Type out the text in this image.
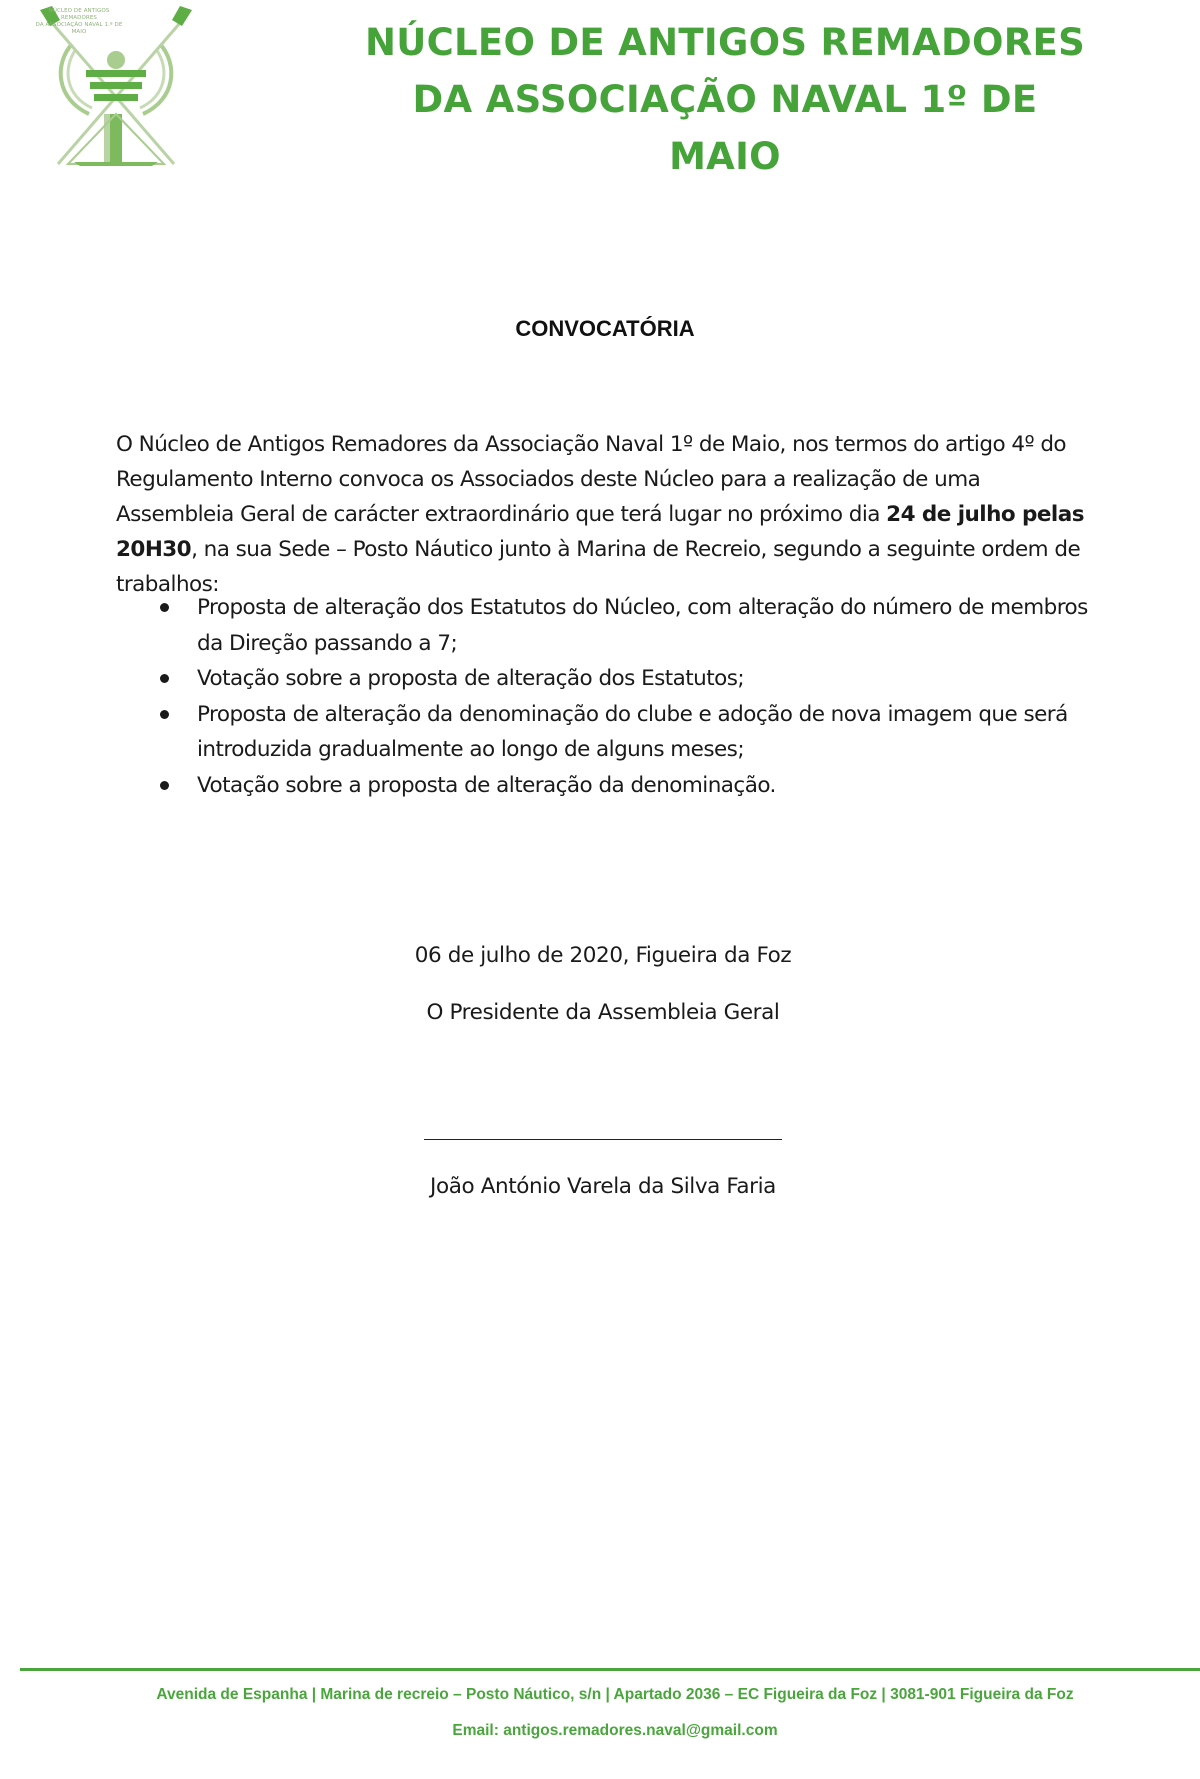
NÚCLEO DE ANTIGOS REMADORES
DA ASSOCIAÇÃO NAVAL 1.º DE MAIO	NÚCLEO DE ANTIGOS REMADORES
DA ASSOCIAÇÃO NAVAL 1º DE MAIO
CONVOCATÓRIA
O Núcleo de Antigos Remadores da Associação Naval 1º de Maio, nos termos do artigo 4º do Regulamento Interno convoca os Associados deste Núcleo para a realização de uma Assembleia Geral de carácter extraordinário que terá lugar no próximo dia 24 de julho pelas 20H30, na sua Sede – Posto Náutico junto à Marina de Recreio, segundo a seguinte ordem de trabalhos:
Proposta de alteração dos Estatutos do Núcleo, com alteração do número de membros da Direção passando a 7;
Votação sobre a proposta de alteração dos Estatutos;
Proposta de alteração da denominação do clube e adoção de nova imagem que será introduzida gradualmente ao longo de alguns meses;
Votação sobre a proposta de alteração da denominação.
06 de julho de 2020, Figueira da Foz
O Presidente da Assembleia Geral
João António Varela da Silva Faria
Avenida de Espanha | Marina de recreio – Posto Náutico, s/n | Apartado 2036 – EC Figueira da Foz | 3081-901 Figueira da Foz
Email: antigos.remadores.naval@gmail.com
